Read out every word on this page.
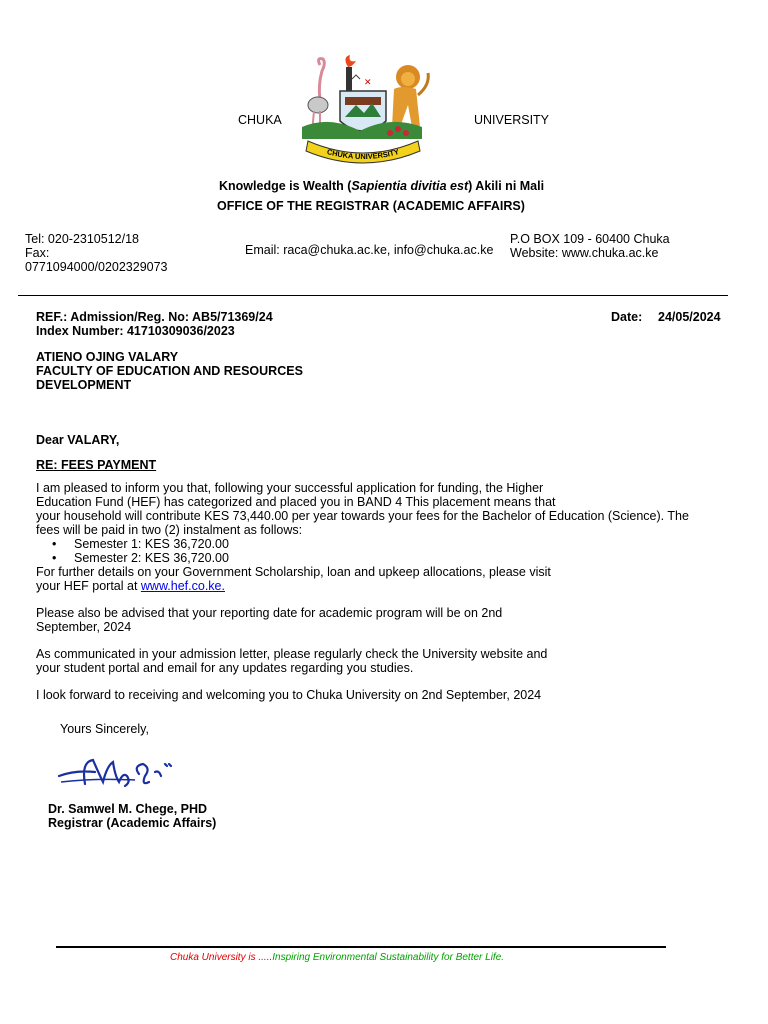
CHUKA	UNIVERSITY
✕
CHUKA UNIVERSITY
Knowledge is Wealth (Sapientia divitia est) Akili ni Mali
OFFICE OF THE REGISTRAR (ACADEMIC AFFAIRS)
Tel: 020-2310512/18
Fax:
0771094000/0202329073
Email: raca@chuka.ac.ke, info@chuka.ac.ke
P.O BOX 109 - 60400 Chuka
Website: www.chuka.ac.ke
REF.: Admission/Reg. No: AB5/71369/24
Index Number: 41710309036/2023
Date: 24/05/2024
ATIENO OJING VALARY
FACULTY OF EDUCATION AND RESOURCES
DEVELOPMENT
Dear VALARY,
RE: FEES PAYMENT
I am pleased to inform you that, following your successful application for funding, the Higher
Education Fund (HEF) has categorized and placed you in BAND 4 This placement means that
your household will contribute KES 73,440.00 per year towards your fees for the Bachelor of Education (Science). The
fees will be paid in two (2) instalment as follows:
• Semester 1: KES 36,720.00
• Semester 2: KES 36,720.00
For further details on your Government Scholarship, loan and upkeep allocations, please visit
your HEF portal at www.hef.co.ke.
Please also be advised that your reporting date for academic program will be on 2nd
September, 2024
As communicated in your admission letter, please regularly check the University website and
your student portal and email for any updates regarding you studies.
I look forward to receiving and welcoming you to Chuka University on 2nd September, 2024
Yours Sincerely,
Dr. Samwel M. Chege, PHD
Registrar (Academic Affairs)
Chuka University is .....Inspiring Environmental Sustainability for Better Life.
